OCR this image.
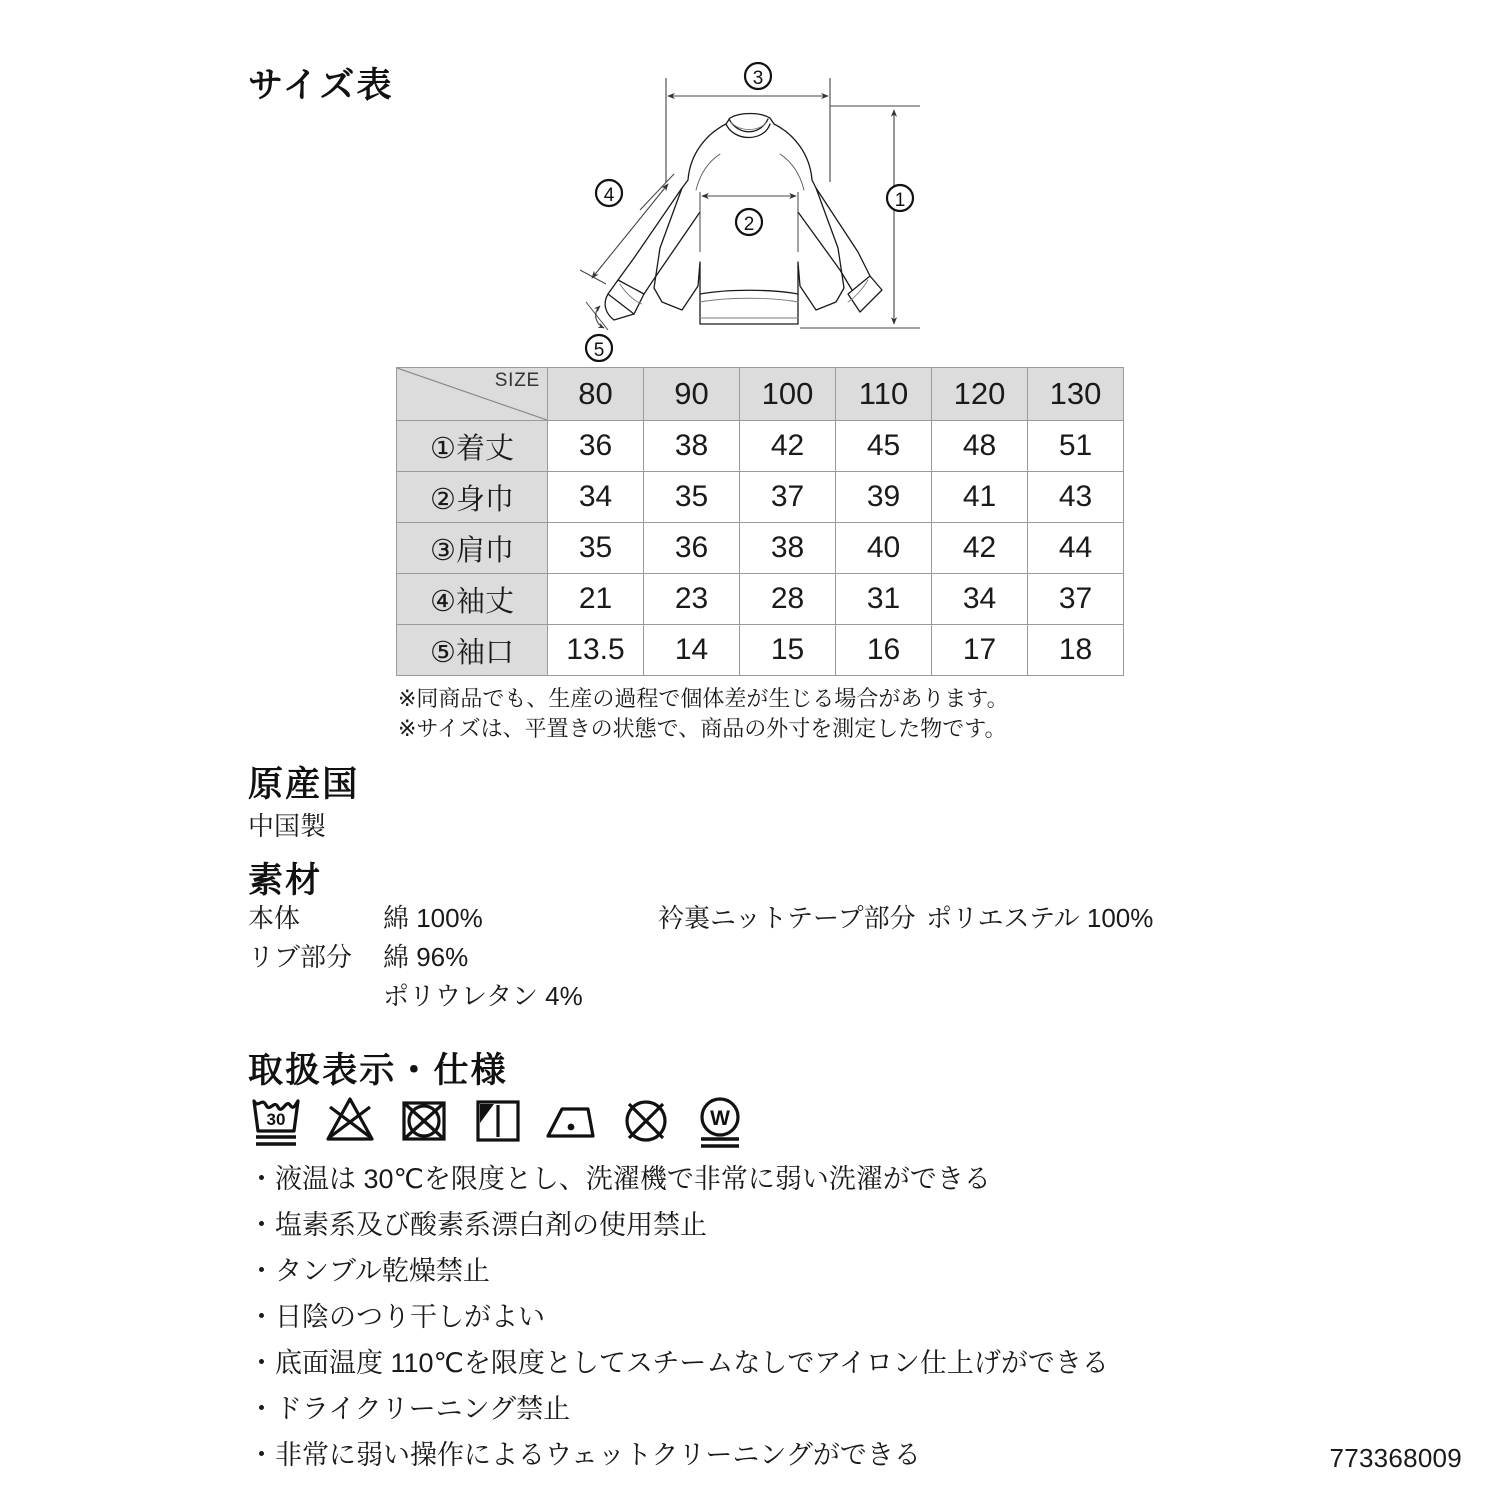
サイズ表	3
1
2
4
5
SIZE	80	90	100	110	120	130
①着丈	36	38	42	45	48	51
②身巾	34	35	37	39	41	43
③肩巾	35	36	38	40	42	44
④袖丈	21	23	28	31	34	37
⑤袖口	13.5	14	15	16	17	18
※同商品でも、生産の過程で個体差が生じる場合があります。
※サイズは、平置きの状態で、商品の外寸を測定した物です。
原産国
中国製
素材
本体	綿 100%
リブ部分 綿 96%
ポリウレタン 4%
衿裏ニットテープ部分 ポリエステル 100%
取扱表示・仕様
30	W
・液温は 30℃を限度とし、洗濯機で非常に弱い洗濯ができる
・塩素系及び酸素系漂白剤の使用禁止
・タンブル乾燥禁止
・日陰のつり干しがよい
・底面温度 110℃を限度としてスチームなしでアイロン仕上げができる
・ドライクリーニング禁止
・非常に弱い操作によるウェットクリーニングができる	773368009
